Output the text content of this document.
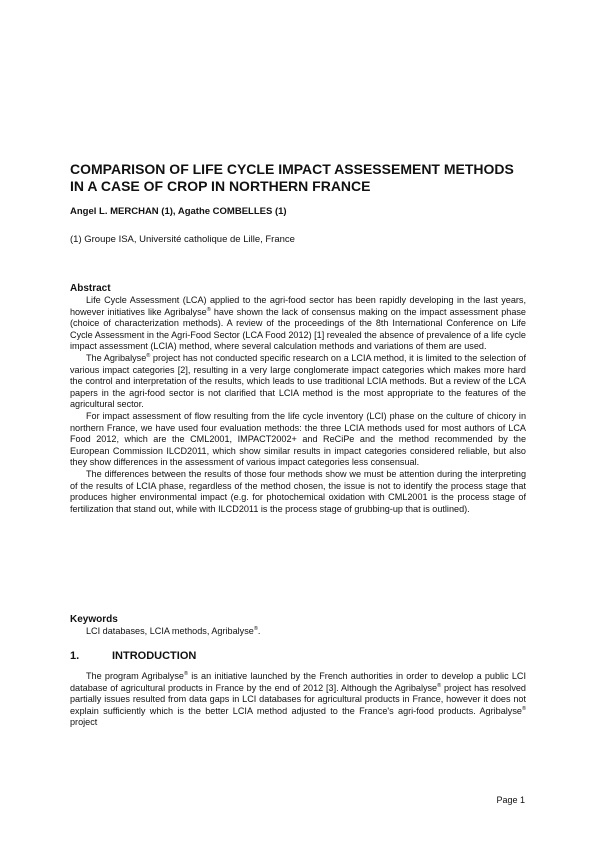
COMPARISON OF LIFE CYCLE IMPACT ASSESSEMENT METHODS IN A CASE OF CROP IN NORTHERN FRANCE
Angel L. MERCHAN (1), Agathe COMBELLES (1)
(1) Groupe ISA, Université catholique de Lille, France

Abstract

Life Cycle Assessment (LCA) applied to the agri-food sector has been rapidly developing in the last years, however initiatives like Agribalyse® have shown the lack of consensus making on the impact assessment phase (choice of characterization methods). A review of the proceedings of the 8th International Conference on Life Cycle Assessment in the Agri-Food Sector (LCA Food 2012) [1] revealed the absence of prevalence of a life cycle impact assessment (LCIA) method, where several calculation methods and variations of them are used.

The Agribalyse® project has not conducted specific research on a LCIA method, it is limited to the selection of various impact categories [2], resulting in a very large conglomerate impact categories which makes more hard the control and interpretation of the results, which leads to use traditional LCIA methods. But a review of the LCA papers in the agri-food sector is not clarified that LCIA method is the most appropriate to the features of the agricultural sector.

For impact assessment of flow resulting from the life cycle inventory (LCI) phase on the culture of chicory in northern France, we have used four evaluation methods: the three LCIA methods used for most authors of LCA Food 2012, which are the CML2001, IMPACT2002+ and ReCiPe and the method recommended by the European Commission ILCD2011, which show similar results in impact categories considered reliable, but also they show differences in the assessment of various impact categories less consensual.

The differences between the results of those four methods show we must be attention during the interpreting of the results of LCIA phase, regardless of the method chosen, the issue is not to identify the process stage that produces higher environmental impact (e.g. for photochemical oxidation with CML2001 is the process stage of fertilization that stand out, while with ILCD2011 is the process stage of grubbing-up that is outlined).

Keywords

LCI databases, LCIA methods, Agribalyse®.

1.	INTRODUCTION

The program Agribalyse® is an initiative launched by the French authorities in order to develop a public LCI database of agricultural products in France by the end of 2012 [3]. Although the Agribalyse® project has resolved partially issues resulted from data gaps in LCI databases for agricultural products in France, however it does not explain sufficiently which is the better LCIA method adjusted to the France's agri-food products. Agribalyse® project

Page 1
